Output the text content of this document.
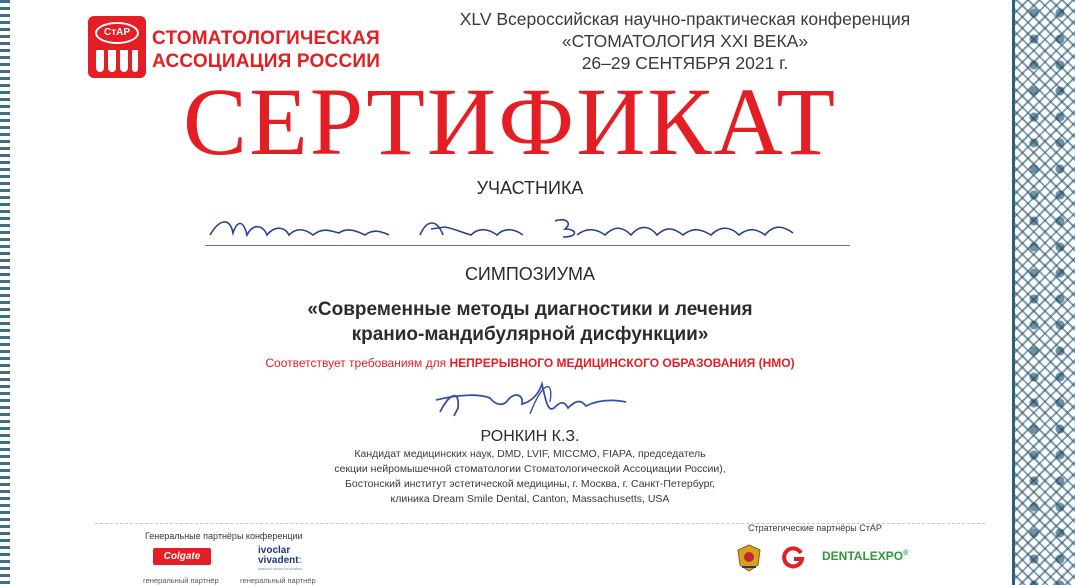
СтАР	СТОМАТОЛОГИЧЕСКАЯ
АССОЦИАЦИЯ РОССИИ
XLV Всероссийская научно-практическая конференция
«СТОМАТОЛОГИЯ XXI ВЕКА»
26–29 СЕНТЯБРЯ 2021 г.
СЕРТИФИКАТ
УЧАСТНИКА
СИМПОЗИУМА
«Современные методы диагностики и лечения
кранио-мандибулярной дисфункции»
Соответствует требованиям для НЕПРЕРЫВНОГО МЕДИЦИНСКОГО ОБРАЗОВАНИЯ (НМО)
РОНКИН К.З.
Кандидат медицинских наук, DMD, LVIF, MICCMO, FIAPA, председатель
секции нейромышечной стоматологии Стоматологической Ассоциации России),
Бостонский институт эстетической медицины, г. Москва, г. Санкт-Петербург,
клиника Dream Smile Dental, Canton, Massachusetts, USA
Генеральные партнёры конференции
Стратегические партнёры СтАР
Colgate
генеральный партнёр
ivoclar
vivadent:
passion vision innovation
генеральный партнёр
DENTALEXPO®
